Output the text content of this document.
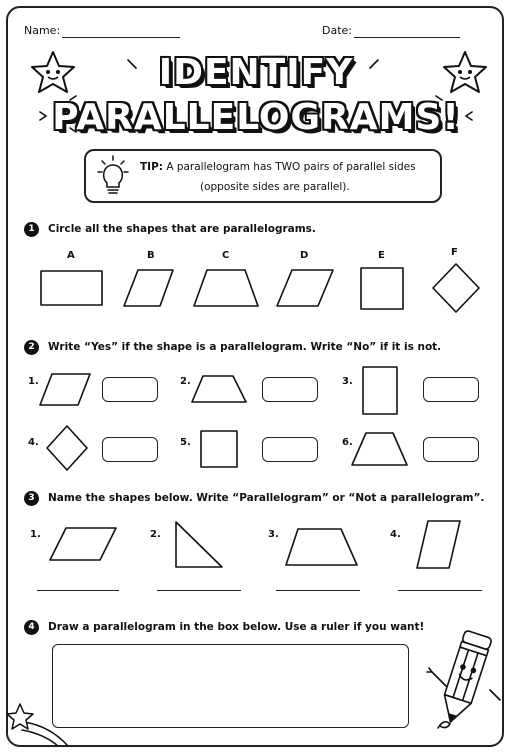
Name:	Date:
IDENTIFY
PARALLELOGRAMS!
TIP: A parallelogram has TWO pairs of parallel sides
(opposite sides are parallel).
1	Circle all the shapes that are parallelograms.
A	B	C	D	E	F
2	Write “Yes” if the shape is a parallelogram. Write “No” if it is not.
1.	2.	3.
4.	5.	6.
3	Name the shapes below. Write “Parallelogram” or “Not a parallelogram”.
1.	2.	3.	4.
4	Draw a parallelogram in the box below. Use a ruler if you want!
